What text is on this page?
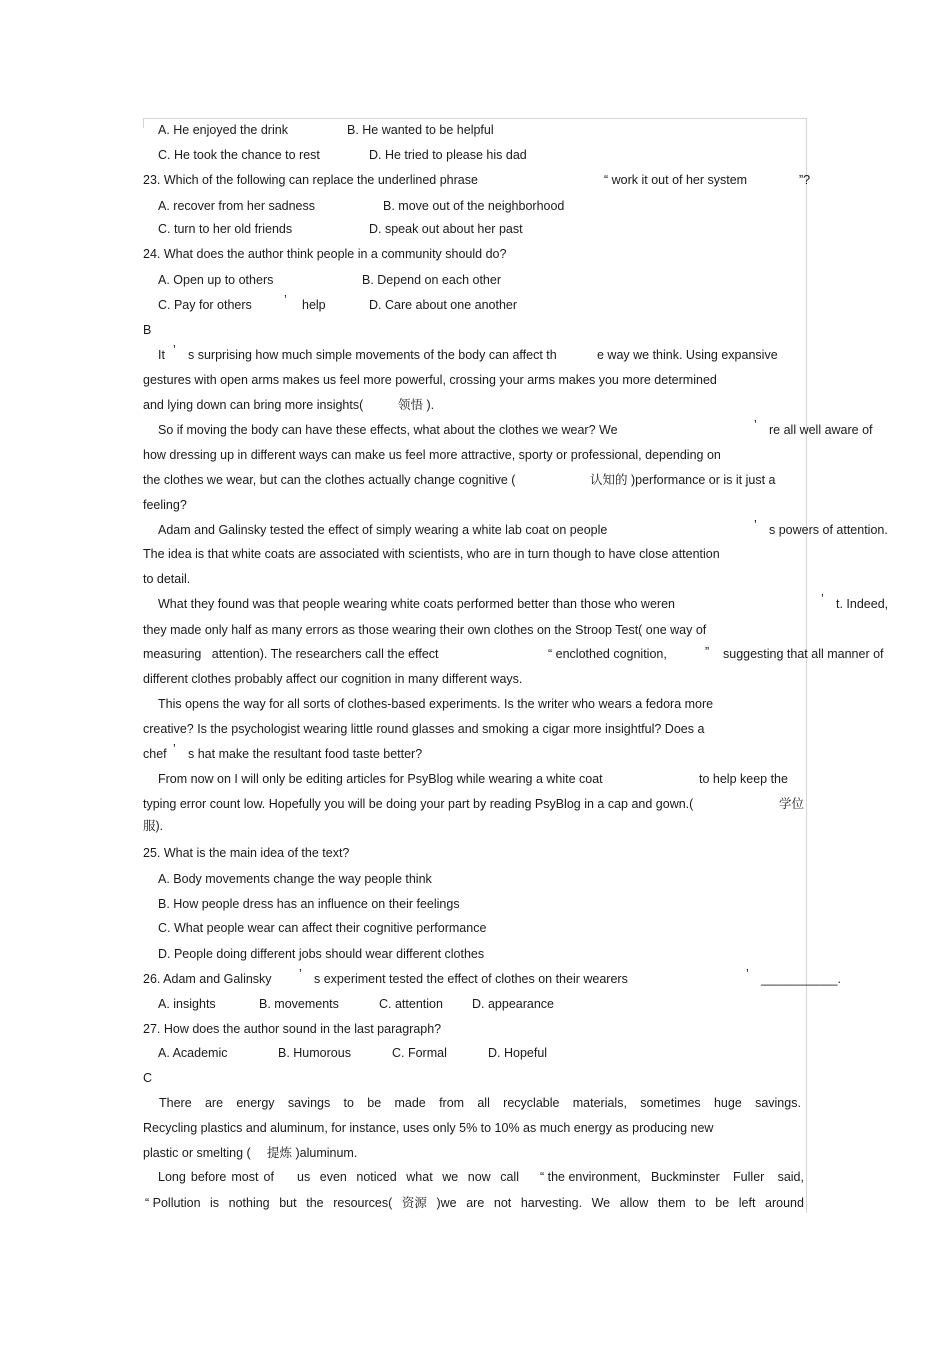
A. He enjoyed the drink	B. He wanted to be helpful
C. He took the chance to rest	D. He tried to please his dad
23. Which of the following can replace the underlined phrase	“ work it out of her system	”?
A. recover from her sadness	B. move out of the neighborhood
C. turn to her old friends	D. speak out about her past
24. What does the author think people in a community should do?
A. Open up to others	B. Depend on each other
C. Pay for others	’ help	D. Care about one another
B
It ’ s surprising how much simple movements of the body can affect th	e way we think. Using expansive
gestures with open arms makes us feel more powerful, crossing your arms makes you more determined
and lying down can bring more insights(	领悟 ).
So if moving the body can have these effects, what about the clothes we wear? We	’ re all well aware of
how dressing up in different ways can make us feel more attractive, sporty or professional, depending on
the clothes we wear, but can the clothes actually change cognitive (	认知的 )performance or is it just a
feeling?
Adam and Galinsky tested the effect of simply wearing a white lab coat on people	’ s powers of attention.
The idea is that white coats are associated with scientists, who are in turn though to have close attention
to detail.
What they found was that people wearing white coats performed better than those who weren	’ t. Indeed,
they made only half as many errors as those wearing their own clothes on the Stroop Test( one way of
measuring   attention). The researchers call the effect	“ enclothed cognition,	” suggesting that all manner of
different clothes probably affect our cognition in many different ways.
This opens the way for all sorts of clothes-based experiments. Is the writer who wears a fedora more
creative? Is the psychologist wearing little round glasses and smoking a cigar more insightful? Does a
chef ’ s hat make the resultant food taste better?
From now on I will only be editing articles for PsyBlog while wearing a white coat	to help keep the
typing error count low. Hopefully you will be doing your part by reading PsyBlog in a cap and gown.(	学位
服).
25. What is the main idea of the text?
A. Body movements change the way people think
B. How people dress has an influence on their feelings
C. What people wear can affect their cognitive performance
D. People doing different jobs should wear different clothes
26. Adam and Galinsky ’ s experiment tested the effect of clothes on their wearers	’ ___________.
A. insights	B. movements	C. attention D. appearance
27. How does the author sound in the last paragraph?
A. Academic	B. Humorous	C. Formal	D. Hopeful
C
There are energy savings to be made from all recyclable materials, sometimes huge savings.
Recycling plastics and aluminum, for instance, uses only 5% to 10% as much energy as producing new
plastic or smelting ( 提炼 )aluminum.
Long before most of us even noticed what we now call “ the environment, Buckminster Fuller said,
“ Pollution is nothing but the resources( 资源 )we are not harvesting. We allow them to be left around
